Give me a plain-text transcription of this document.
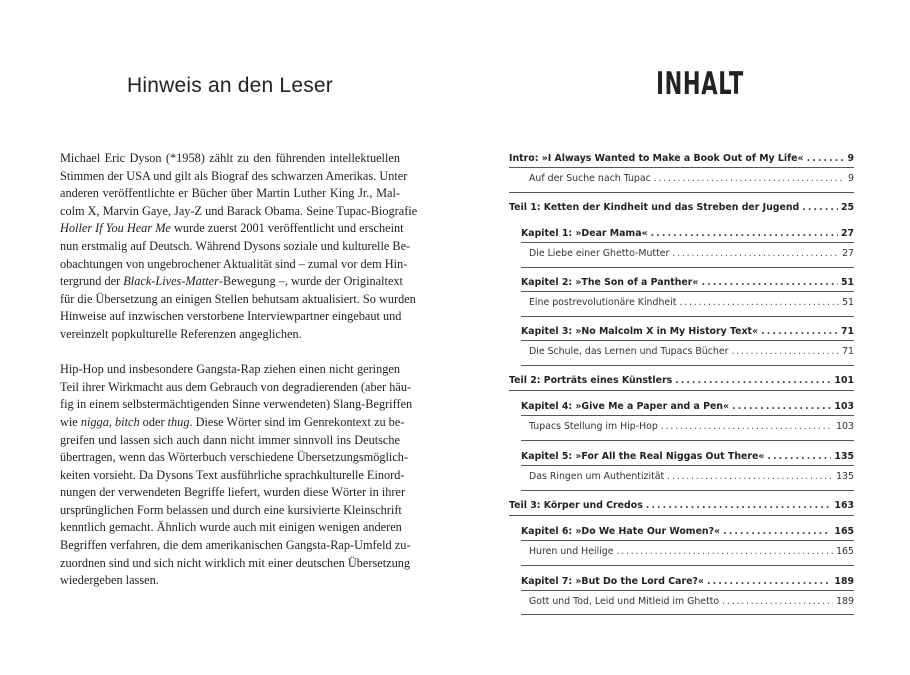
Hinweis an den Leser

Michael Eric Dyson (*1958) zählt zu den führenden intellektuellen
Stimmen der USA und gilt als Biograf des schwarzen Amerikas. Unter
anderen veröffentlichte er Bücher über Martin Luther King Jr., Mal-
colm X, Marvin Gaye, Jay-Z und Barack Obama. Seine Tupac-Biografie
Holler If You Hear Me wurde zuerst 2001 veröffentlicht und erscheint
nun erstmalig auf Deutsch. Während Dysons soziale und kulturelle Be-
obachtungen von ungebrochener Aktualität sind – zumal vor dem Hin-
tergrund der Black-Lives-Matter-Bewegung –, wurde der Originaltext
für die Übersetzung an einigen Stellen behutsam aktualisiert. So wurden
Hinweise auf inzwischen verstorbene Interviewpartner eingebaut und
vereinzelt popkulturelle Referenzen angeglichen.

Hip-Hop und insbesondere Gangsta-Rap ziehen einen nicht geringen
Teil ihrer Wirkmacht aus dem Gebrauch von degradierenden (aber häu-
fig in einem selbstermächtigenden Sinne verwendeten) Slang-Begriffen
wie nigga, bitch oder thug. Diese Wörter sind im Genrekontext zu be-
greifen und lassen sich auch dann nicht immer sinnvoll ins Deutsche
übertragen, wenn das Wörterbuch verschiedene Übersetzungsmöglich-
keiten vorsieht. Da Dysons Text ausführliche sprachkulturelle Einord-
nungen der verwendeten Begriffe liefert, wurden diese Wörter in ihrer
ursprünglichen Form belassen und durch eine kursivierte Kleinschrift
kenntlich gemacht. Ähnlich wurde auch mit einigen wenigen anderen
Begriffen verfahren, die dem amerikanischen Gangsta-Rap-Umfeld zu-
zuordnen sind und sich nicht wirklich mit einer deutschen Übersetzung
wiedergeben lassen.

INHALT
Intro: »I Always Wanted to Make a Book Out of My Life« . . .	9
Auf der Suche nach Tupac . . .	9
Teil 1: Ketten der Kindheit und das Streben der Jugend . . .	25
Kapitel 1: »Dear Mama« . . .	27
Die Liebe einer Ghetto-Mutter . . .	27
Kapitel 2: »The Son of a Panther« . . .	51
Eine postrevolutionäre Kindheit . . .	51
Kapitel 3: »No Malcolm X in My History Text« . . .	71
Die Schule, das Lernen und Tupacs Bücher . . .	71
Teil 2: Porträts eines Künstlers . . .	101
Kapitel 4: »Give Me a Paper and a Pen« . . .	103
Tupacs Stellung im Hip-Hop . . .	103
Kapitel 5: »For All the Real Niggas Out There« . . .	135
Das Ringen um Authentizität . . .	135
Teil 3: Körper und Credos . . .	163
Kapitel 6: »Do We Hate Our Women?« . . .	165
Huren und Heilige . . .	165
Kapitel 7: »But Do the Lord Care?« . . .	189
Gott und Tod, Leid und Mitleid im Ghetto . . .	189
